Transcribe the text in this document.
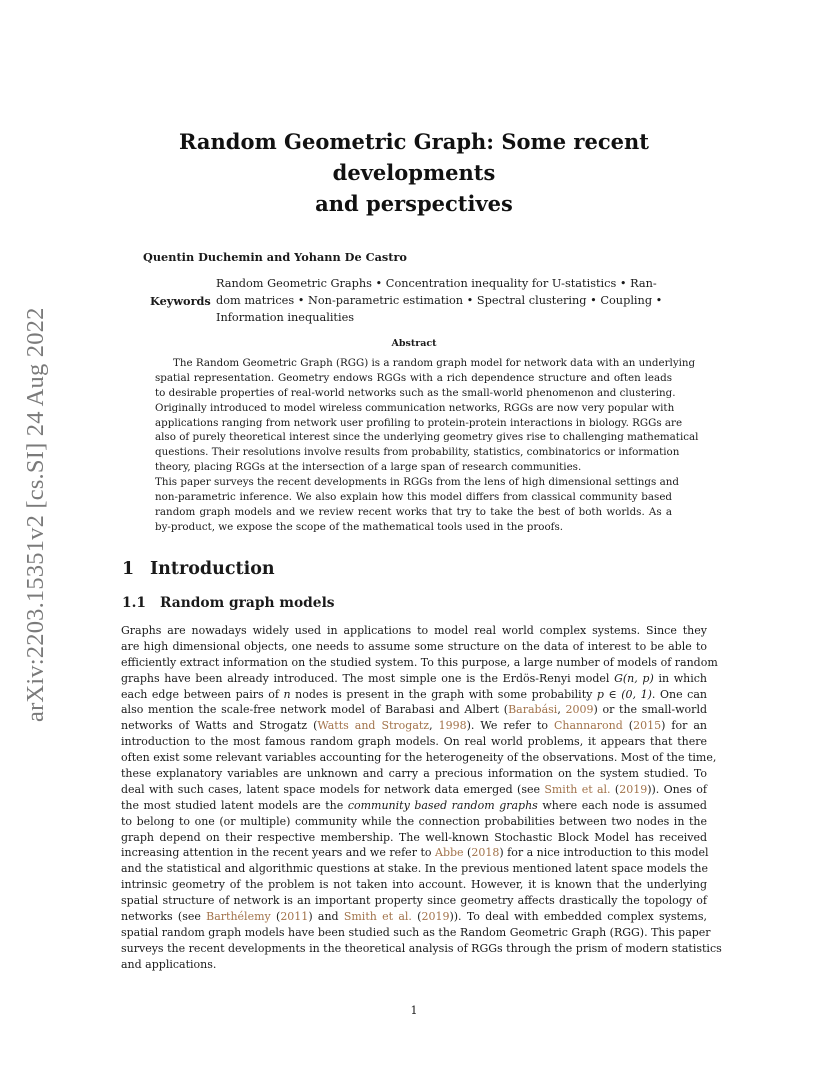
arXiv:2203.15351v2 [cs.SI] 24 Aug 2022
Random Geometric Graph: Some recent developments
and perspectives
Quentin Duchemin and Yohann De Castro
Keywords
Random Geometric Graphs • Concentration inequality for U-statistics • Ran-
dom matrices • Non-parametric estimation • Spectral clustering • Coupling •
Information inequalities
Abstract
The Random Geometric Graph (RGG) is a random graph model for network data with an underlying
spatial representation. Geometry endows RGGs with a rich dependence structure and often leads
to desirable properties of real-world networks such as the small-world phenomenon and clustering.
Originally introduced to model wireless communication networks, RGGs are now very popular with
applications ranging from network user profiling to protein-protein interactions in biology. RGGs are
also of purely theoretical interest since the underlying geometry gives rise to challenging mathematical
questions. Their resolutions involve results from probability, statistics, combinatorics or information
theory, placing RGGs at the intersection of a large span of research communities.
This paper surveys the recent developments in RGGs from the lens of high dimensional settings and
non-parametric inference. We also explain how this model differs from classical community based
random graph models and we review recent works that try to take the best of both worlds. As a
by-product, we expose the scope of the mathematical tools used in the proofs.
1 Introduction
1.1 Random graph models
Graphs are nowadays widely used in applications to model real world complex systems. Since they
are high dimensional objects, one needs to assume some structure on the data of interest to be able to
efficiently extract information on the studied system. To this purpose, a large number of models of random
graphs have been already introduced. The most simple one is the Erdös-Renyi model G(n, p) in which
each edge between pairs of n nodes is present in the graph with some probability p ∈ (0, 1). One can
also mention the scale-free network model of Barabasi and Albert (Barabási, 2009) or the small-world
networks of Watts and Strogatz (Watts and Strogatz, 1998). We refer to Channarond (2015) for an
introduction to the most famous random graph models. On real world problems, it appears that there
often exist some relevant variables accounting for the heterogeneity of the observations. Most of the time,
these explanatory variables are unknown and carry a precious information on the system studied. To
deal with such cases, latent space models for network data emerged (see Smith et al. (2019)). Ones of
the most studied latent models are the community based random graphs where each node is assumed
to belong to one (or multiple) community while the connection probabilities between two nodes in the
graph depend on their respective membership. The well-known Stochastic Block Model has received
increasing attention in the recent years and we refer to Abbe (2018) for a nice introduction to this model
and the statistical and algorithmic questions at stake. In the previous mentioned latent space models the
intrinsic geometry of the problem is not taken into account. However, it is known that the underlying
spatial structure of network is an important property since geometry affects drastically the topology of
networks (see Barthélemy (2011) and Smith et al. (2019)). To deal with embedded complex systems,
spatial random graph models have been studied such as the Random Geometric Graph (RGG). This paper
surveys the recent developments in the theoretical analysis of RGGs through the prism of modern statistics
and applications.
1
